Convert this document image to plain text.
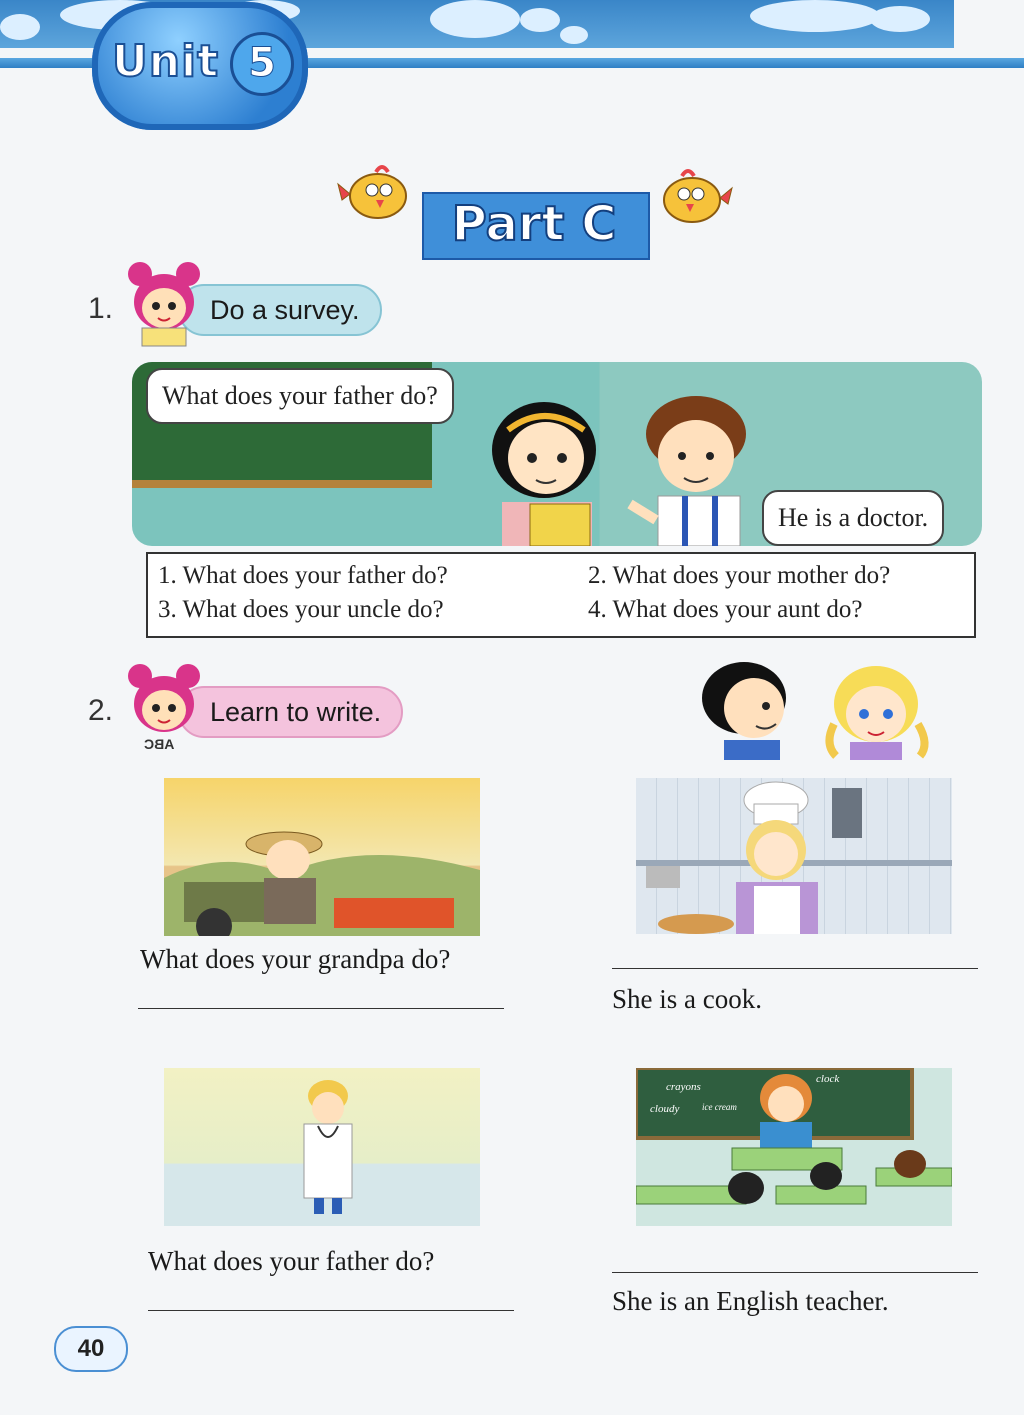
Unit 5
Part C
1.	Do a survey.
What does your father do?
He is a doctor.
1. What does your father do?	2. What does your mother do?
3. What does your uncle do?	4. What does your aunt do?
2.	Learn to write.
ABC
What does your grandpa do?
She is a cook.
What does your father do?
crayons
cloudy	ice cream
clock
She is an English teacher.
40
